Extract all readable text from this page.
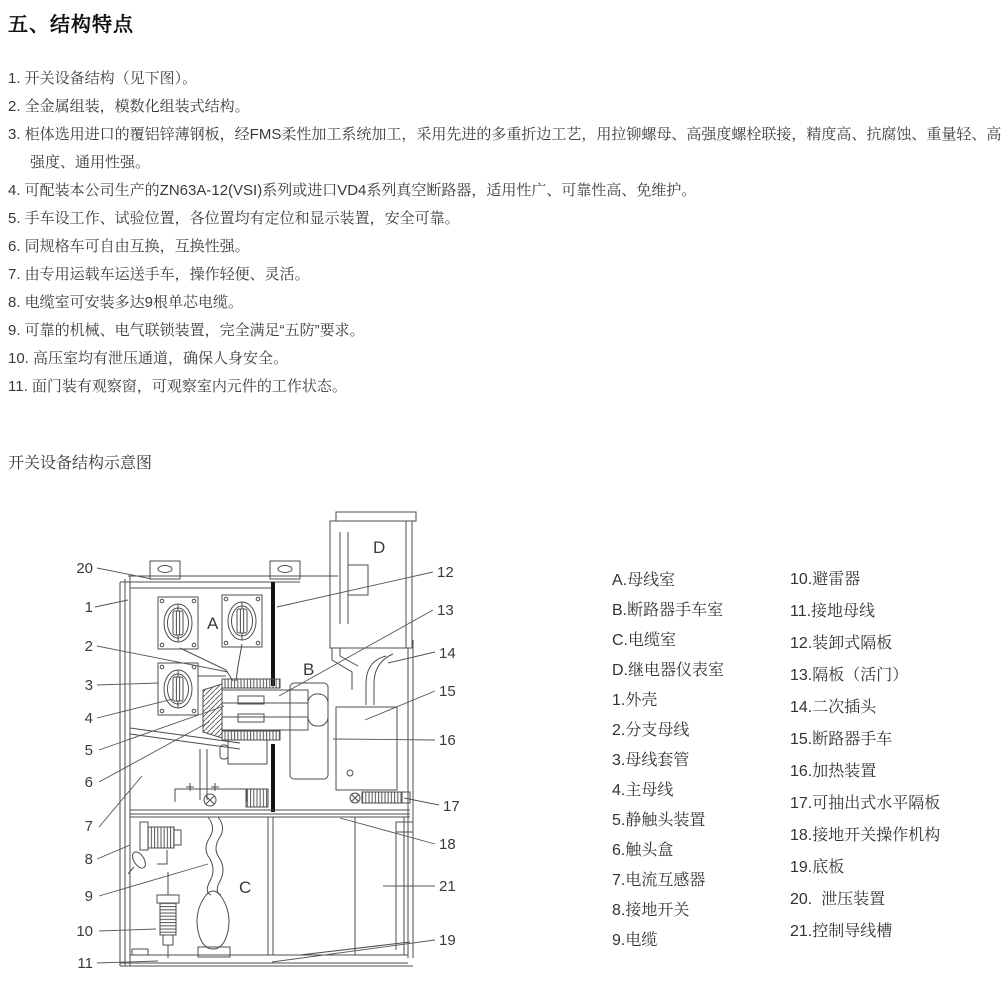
五、结构特点
1. 开关设备结构（见下图）。
2. 全金属组装，模数化组装式结构。
3. 柜体选用进口的覆铝锌薄钢板，经FMS柔性加工系统加工，采用先进的多重折边工艺，用拉铆螺母、高强度螺栓联接，精度高、抗腐蚀、重量轻、高强度、通用性强。
4. 可配装本公司生产的ZN63A-12(VSI)系列或进口VD4系列真空断路器，适用性广、可靠性高、免维护。
5. 手车设工作、试验位置，各位置均有定位和显示装置，安全可靠。
6. 同规格车可自由互换，互换性强。
7. 由专用运载车运送手车，操作轻便、灵活。
8. 电缆室可安装多达9根单芯电缆。
9. 可靠的机械、电气联锁装置，完全满足“五防”要求。
10. 高压室均有泄压通道，确保人身安全。
11. 面门装有观察窗，可观察室内元件的工作状态。
开关设备结构示意图
A
B
C
D
20
1
2
3
4
5
6
7
8
9
10
11
12
13
14
15
16
17
18
21
19
A.母线室
B.断路器手车室
C.电缆室
D.继电器仪表室
1.外壳
2.分支母线
3.母线套管
4.主母线
5.静触头装置
6.触头盒
7.电流互感器
8.接地开关
9.电缆
10.避雷器
11.接地母线
12.装卸式隔板
13.隔板（活门）
14.二次插头
15.断路器手车
16.加热装置
17.可抽出式水平隔板
18.接地开关操作机构
19.底板
20.  泄压装置
21.控制导线槽
